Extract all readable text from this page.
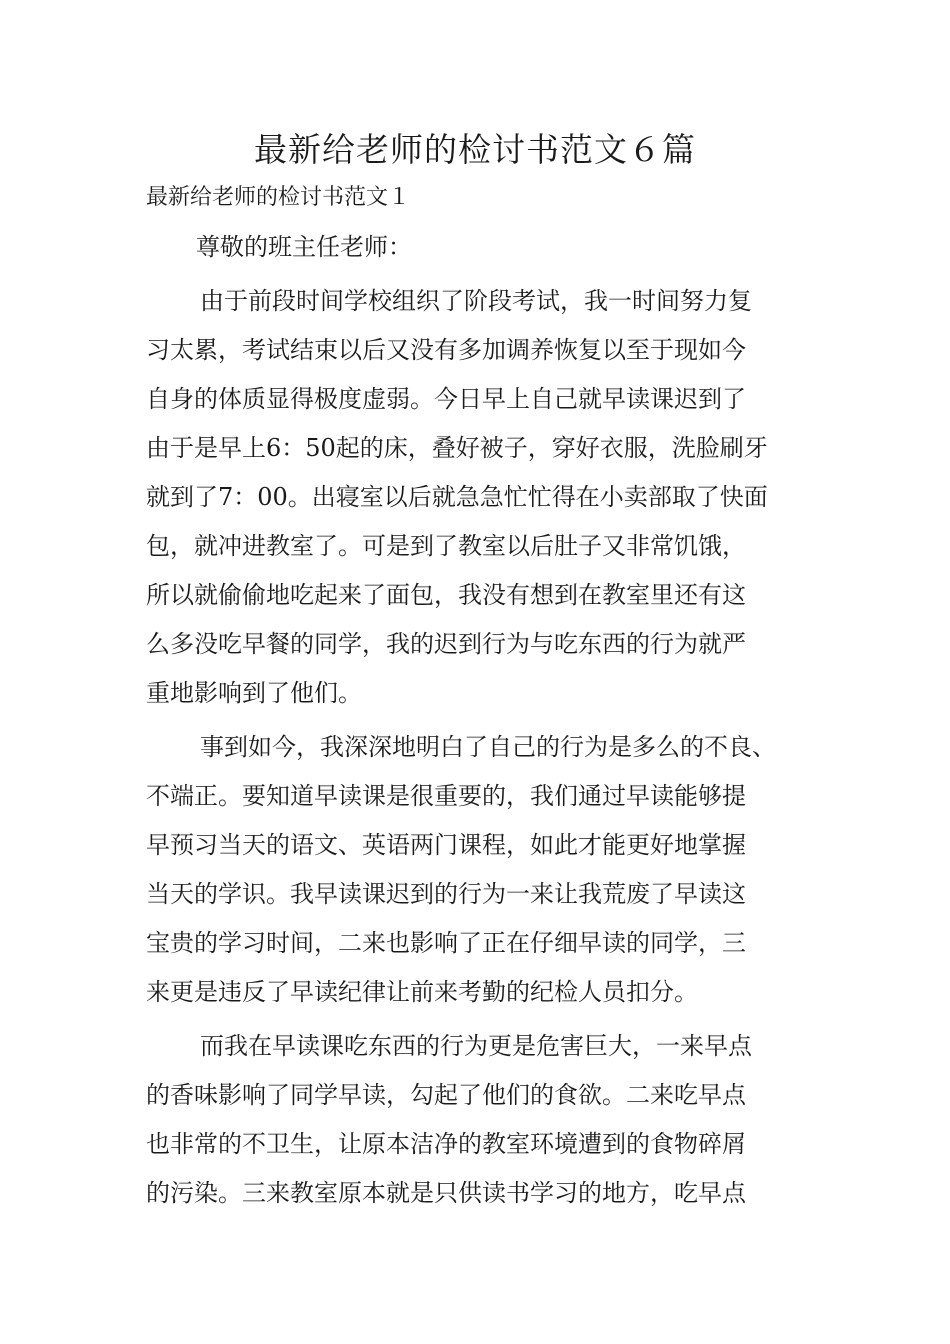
最新给老师的检讨书范文６篇
最新给老师的检讨书范文１
尊敬的班主任老师：
由于前段时间学校组织了阶段考试，我一时间努力复
习太累，考试结束以后又没有多加调养恢复以至于现如今
自身的体质显得极度虚弱。今日早上自己就早读课迟到了
由于是早上6：50起的床，叠好被子，穿好衣服，洗脸刷牙
就到了7：00。出寝室以后就急急忙忙得在小卖部取了快面
包，就冲进教室了。可是到了教室以后肚子又非常饥饿，
所以就偷偷地吃起来了面包，我没有想到在教室里还有这
么多没吃早餐的同学，我的迟到行为与吃东西的行为就严
重地影响到了他们。
事到如今，我深深地明白了自己的行为是多么的不良、
不端正。要知道早读课是很重要的，我们通过早读能够提
早预习当天的语文、英语两门课程，如此才能更好地掌握
当天的学识。我早读课迟到的行为一来让我荒废了早读这
宝贵的学习时间，二来也影响了正在仔细早读的同学，三
来更是违反了早读纪律让前来考勤的纪检人员扣分。
而我在早读课吃东西的行为更是危害巨大，一来早点
的香味影响了同学早读，勾起了他们的食欲。二来吃早点
也非常的不卫生，让原本洁净的教室环境遭到的食物碎屑
的污染。三来教室原本就是只供读书学习的地方，吃早点
